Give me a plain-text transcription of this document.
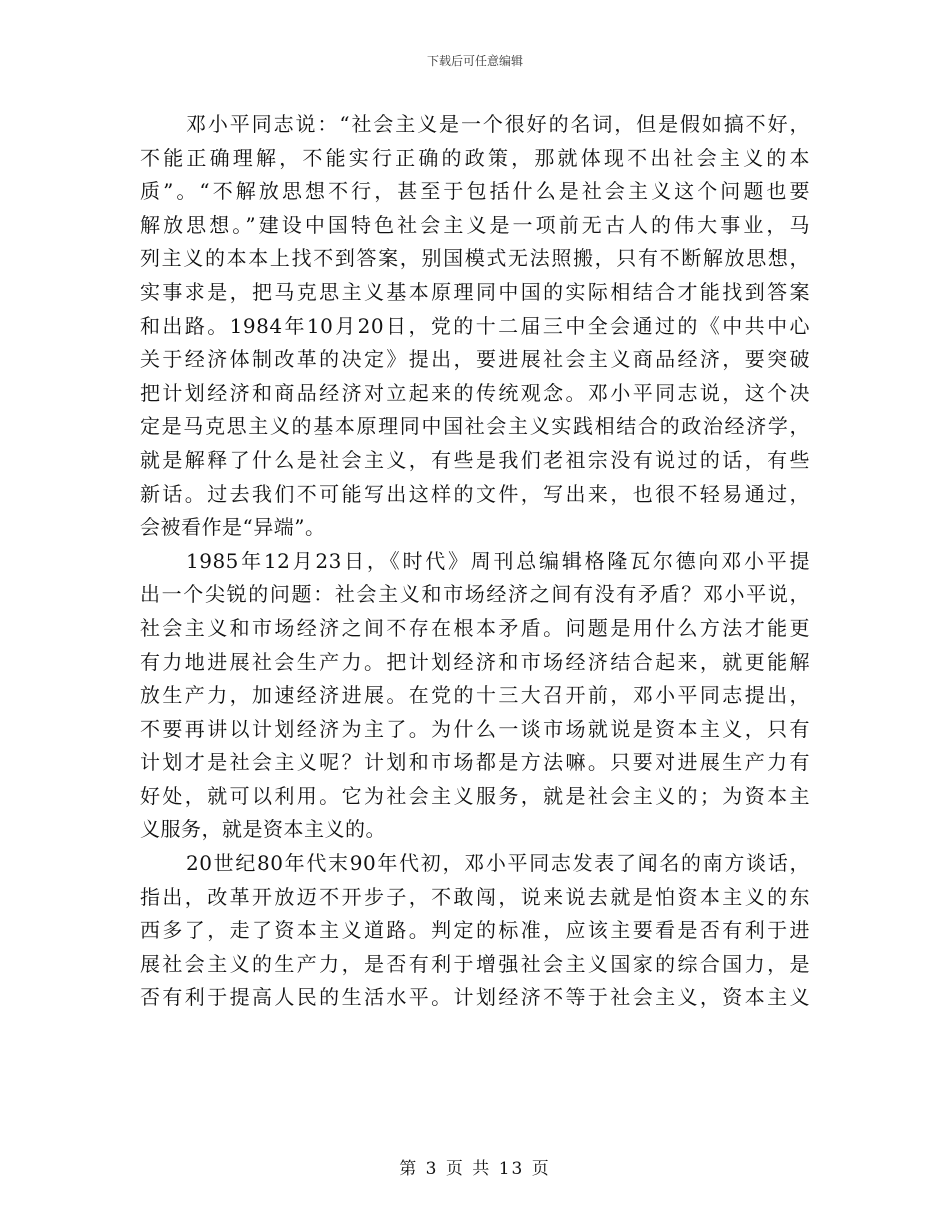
下载后可任意编辑
邓小平同志说：“社会主义是一个很好的名词，但是假如搞不好，
不能正确理解，不能实行正确的政策，那就体现不出社会主义的本
质”。“不解放思想不行，甚至于包括什么是社会主义这个问题也要
解放思想。”建设中国特色社会主义是一项前无古人的伟大事业，马
列主义的本本上找不到答案，别国模式无法照搬，只有不断解放思想，
实事求是，把马克思主义基本原理同中国的实际相结合才能找到答案
和出路。1984年10月20日，党的十二届三中全会通过的《中共中心
关于经济体制改革的决定》提出，要进展社会主义商品经济，要突破
把计划经济和商品经济对立起来的传统观念。邓小平同志说，这个决
定是马克思主义的基本原理同中国社会主义实践相结合的政治经济学，
就是解释了什么是社会主义，有些是我们老祖宗没有说过的话，有些
新话。过去我们不可能写出这样的文件，写出来，也很不轻易通过，
会被看作是“异端”。
1985年12月23日，《时代》周刊总编辑格隆瓦尔德向邓小平提
出一个尖锐的问题：社会主义和市场经济之间有没有矛盾？邓小平说，
社会主义和市场经济之间不存在根本矛盾。问题是用什么方法才能更
有力地进展社会生产力。把计划经济和市场经济结合起来，就更能解
放生产力，加速经济进展。在党的十三大召开前，邓小平同志提出，
不要再讲以计划经济为主了。为什么一谈市场就说是资本主义，只有
计划才是社会主义呢？计划和市场都是方法嘛。只要对进展生产力有
好处，就可以利用。它为社会主义服务，就是社会主义的；为资本主
义服务，就是资本主义的。
20世纪80年代末90年代初，邓小平同志发表了闻名的南方谈话，
指出，改革开放迈不开步子，不敢闯，说来说去就是怕资本主义的东
西多了，走了资本主义道路。判定的标准，应该主要看是否有利于进
展社会主义的生产力，是否有利于增强社会主义国家的综合国力，是
否有利于提高人民的生活水平。计划经济不等于社会主义，资本主义
第 3 页 共 13 页
